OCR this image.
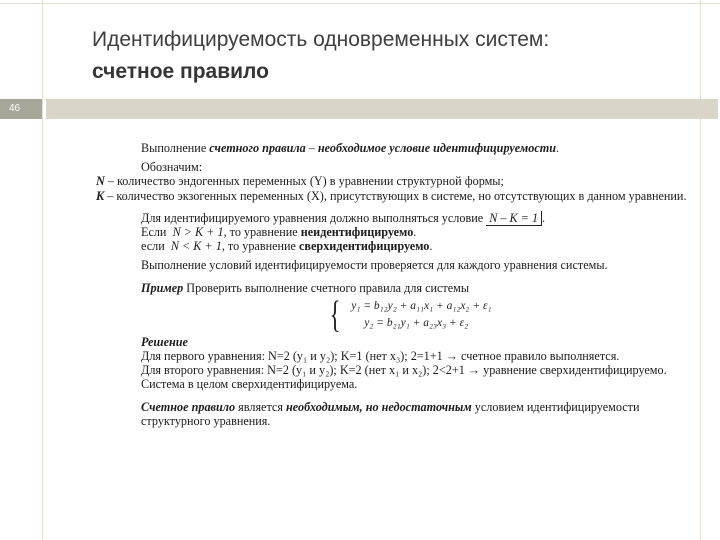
Идентифицируемость одновременных систем:
счетное правило
46

Выполнение счетного правила – необходимое условие идентифицируемости.

Обозначим:

N – количество эндогенных переменных (Y) в уравнении структурной формы;

K – количество экзогенных переменных (X), присутствующих в системе, но отсутствующих в данном уравнении.

Для идентифицируемого уравнения должно выполняться условие N – K = 1 .

Если N > K + 1, то уравнение неидентифицируемо.

если N < K + 1, то уравнение сверхидентифицируемо.

Выполнение условий идентифицируемости проверяется для каждого уравнения системы.

Пример Проверить выполнение счетного правила для системы

{ y₁ = b₁₂y₂ + a₁₁x₁ + a₁₂x₂ + ε₁
y₂ = b₂₁y₁ + a₂₃x₃ + ε₂

Решение

Для первого уравнения: N=2 (y₁ и y₂); K=1 (нет x₃); 2=1+1 → счетное правило выполняется.

Для второго уравнения: N=2 (y₁ и y₂); K=2 (нет x₁ и x₂); 2<2+1 → уравнение сверхидентифицируемо.

Система в целом сверхидентифицируема.

Счетное правило является необходимым, но недостаточным условием идентифицируемости структурного уравнения.
